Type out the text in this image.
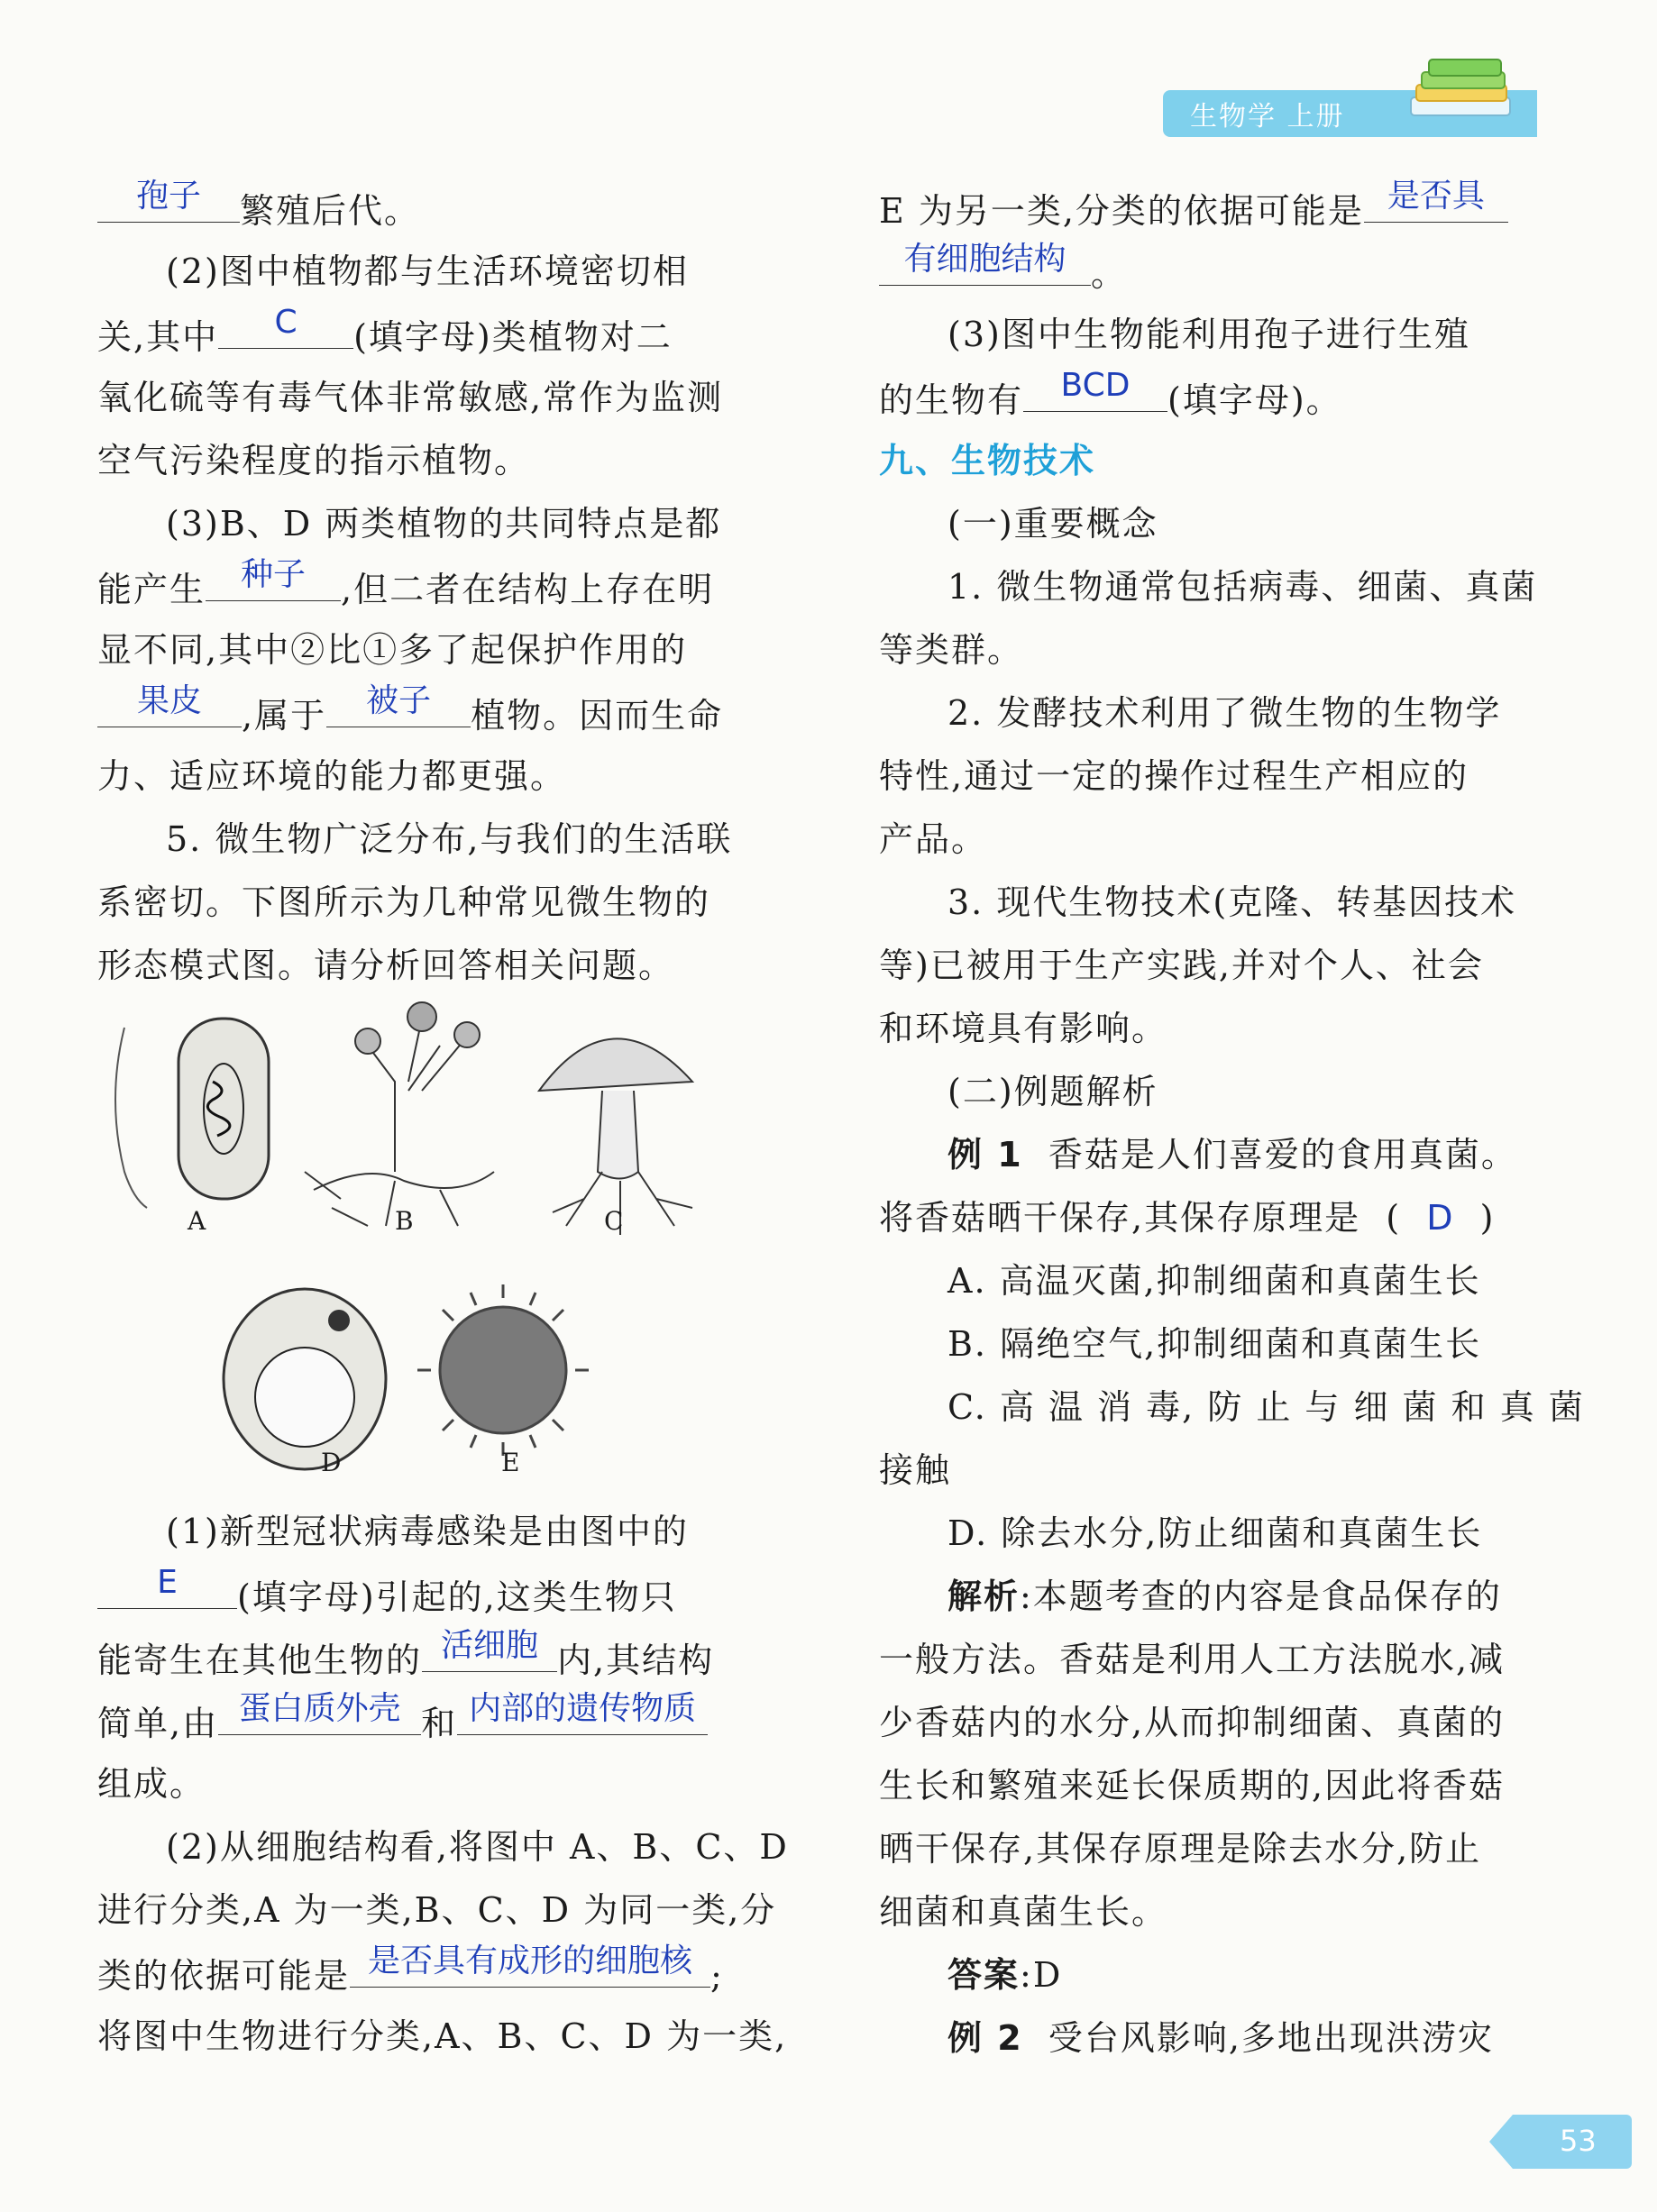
生物学 上册
孢子	繁殖后代。
(2)图中植物都与生活环境密切相
关,其中	C	(填字母)类植物对二
氧化硫等有毒气体非常敏感,常作为监测
空气污染程度的指示植物。
(3)B、D 两类植物的共同特点是都
能产生	种子	,但二者在结构上存在明
显不同,其中②比①多了起保护作用的
果皮	,属于	被子	植物。因而生命
力、适应环境的能力都更强。
5. 微生物广泛分布,与我们的生活联
系密切。下图所示为几种常见微生物的
形态模式图。请分析回答相关问题。
A	B	C
D	E
(1)新型冠状病毒感染是由图中的
E	(填字母)引起的,这类生物只
能寄生在其他生物的 活细胞 内,其结构
简单,由 蛋白质外壳 和 内部的遗传物质
组成。
(2)从细胞结构看,将图中 A、B、C、D
进行分类,A 为一类,B、C、D 为同一类,分
类的依据可能是 是否具有成形的细胞核 ;
将图中生物进行分类,A、B、C、D 为一类,
E 为另一类,分类的依据可能是 是否具
有细胞结构 。
(3)图中生物能利用孢子进行生殖
的生物有	BCD	(填字母)。
九、生物技术
(一)重要概念
1. 微生物通常包括病毒、细菌、真菌
等类群。
2. 发酵技术利用了微生物的生物学
特性,通过一定的操作过程生产相应的
产品。
3. 现代生物技术(克隆、转基因技术
等)已被用于生产实践,并对个人、社会
和环境具有影响。
(二)例题解析
例 1 香菇是人们喜爱的食用真菌。
将香菇晒干保存,其保存原理是  (  D  )
A. 高温灭菌,抑制细菌和真菌生长
B. 隔绝空气,抑制细菌和真菌生长
C. 高 温 消 毒, 防 止 与 细 菌 和 真 菌
接触
D. 除去水分,防止细菌和真菌生长
解析:本题考查的内容是食品保存的
一般方法。香菇是利用人工方法脱水,减
少香菇内的水分,从而抑制细菌、真菌的
生长和繁殖来延长保质期的,因此将香菇
晒干保存,其保存原理是除去水分,防止
细菌和真菌生长。
答案:D
例 2 受台风影响,多地出现洪涝灾
53
